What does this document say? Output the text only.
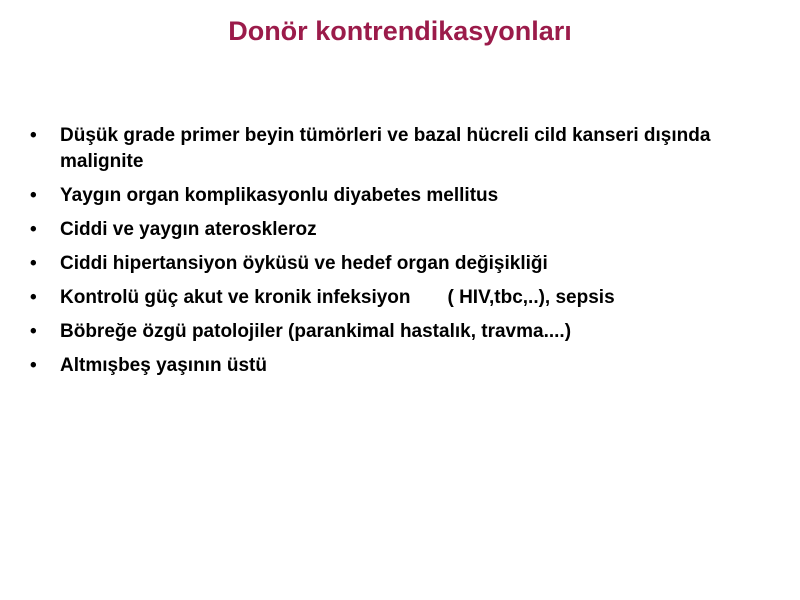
Donör kontrendikasyonları
•	Düşük grade primer beyin tümörleri ve bazal hücreli cild kanseri dışında malignite
•	Yaygın organ komplikasyonlu diyabetes mellitus
•	Ciddi ve yaygın ateroskleroz
•	Ciddi hipertansiyon öyküsü ve hedef organ değişikliği
•	Kontrolü güç akut ve kronik infeksiyon       ( HIV,tbc,..), sepsis
•	Böbreğe özgü patolojiler (parankimal hastalık, travma....)
•	Altmışbeş yaşının üstü
